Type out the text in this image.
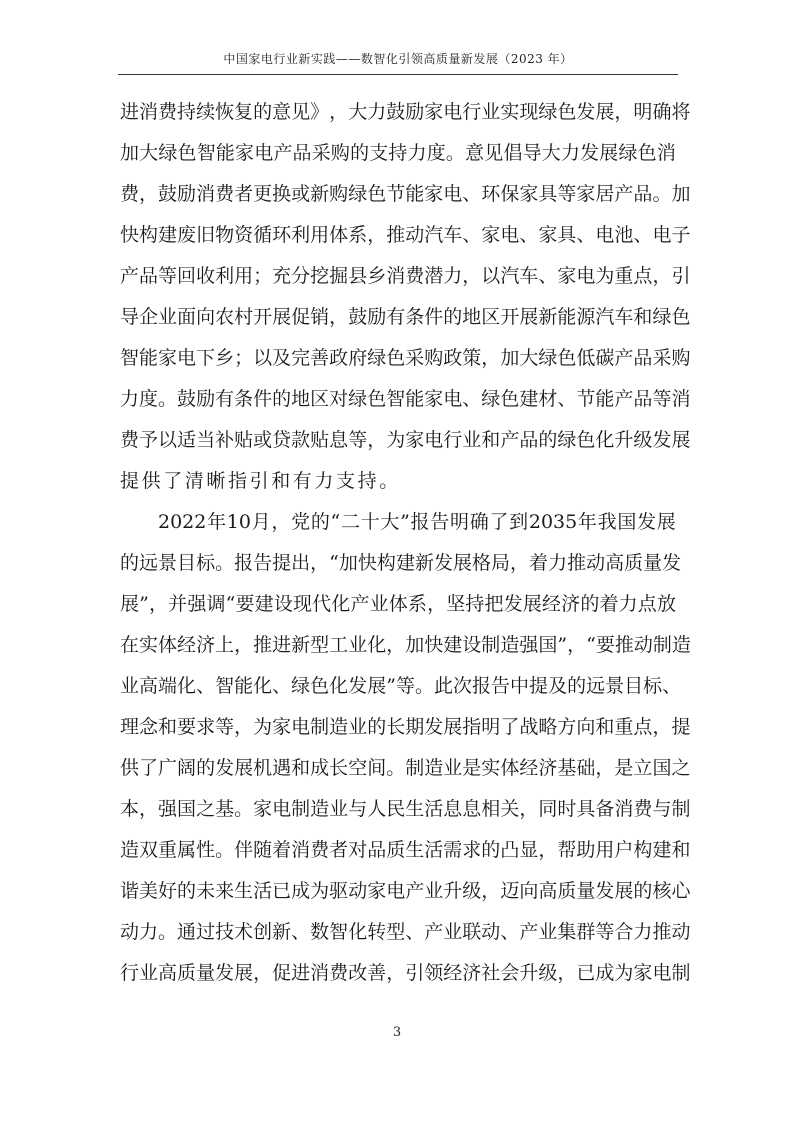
中国家电行业新实践——数智化引领高质量新发展（2023 年）
进 消 费 持 续 恢 复 的 意 见 》 ， 大 力 鼓 励 家 电 行 业 实 现 绿 色 发 展 ， 明 确 将
加 大 绿 色 智 能 家 电 产 品 采 购 的 支 持 力 度 。 意 见 倡 导 大 力 发 展 绿 色 消
费 ， 鼓 励 消 费 者 更 换 或 新 购 绿 色 节 能 家 电 、 环 保 家 具 等 家 居 产 品 。 加
快 构 建 废 旧 物 资 循 环 利 用 体 系 ， 推 动 汽 车 、 家 电 、 家 具 、 电 池 、 电 子
产 品 等 回 收 利 用 ； 充 分 挖 掘 县 乡 消 费 潜 力 ， 以 汽 车 、 家 电 为 重 点 ， 引
导 企 业 面 向 农 村 开 展 促 销 ， 鼓 励 有 条 件 的 地 区 开 展 新 能 源 汽 车 和 绿 色
智 能 家 电 下 乡 ； 以 及 完 善 政 府 绿 色 采 购 政 策 ， 加 大 绿 色 低 碳 产 品 采 购
力 度 。 鼓 励 有 条 件 的 地 区 对 绿 色 智 能 家 电 、 绿 色 建 材 、 节 能 产 品 等 消
费 予 以 适 当 补 贴 或 贷 款 贴 息 等 ， 为 家 电 行 业 和 产 品 的 绿 色 化 升 级 发 展
提供了清晰指引和有力支持。
2022 年 10 月 ， 党 的 “ 二 十 大 ” 报 告 明 确 了 到 2035 年 我 国 发 展
的 远 景 目 标 。 报 告 提 出 ， “ 加 快 构 建 新 发 展 格 局 ， 着 力 推 动 高 质 量 发
展 ” ， 并 强 调 “ 要 建 设 现 代 化 产 业 体 系 ， 坚 持 把 发 展 经 济 的 着 力 点 放
在 实 体 经 济 上 ， 推 进 新 型 工 业 化 ， 加 快 建 设 制 造 强 国 ” ， “ 要 推 动 制 造
业 高 端 化 、 智 能 化 、 绿 色 化 发 展 ” 等 。 此 次 报 告 中 提 及 的 远 景 目 标 、
理 念 和 要 求 等 ， 为 家 电 制 造 业 的 长 期 发 展 指 明 了 战 略 方 向 和 重 点 ， 提
供 了 广 阔 的 发 展 机 遇 和 成 长 空 间 。 制 造 业 是 实 体 经 济 基 础 ， 是 立 国 之
本 ， 强 国 之 基 。 家 电 制 造 业 与 人 民 生 活 息 息 相 关 ， 同 时 具 备 消 费 与 制
造 双 重 属 性 。 伴 随 着 消 费 者 对 品 质 生 活 需 求 的 凸 显 ， 帮 助 用 户 构 建 和
谐 美 好 的 未 来 生 活 已 成 为 驱 动 家 电 产 业 升 级 ， 迈 向 高 质 量 发 展 的 核 心
动 力 。 通 过 技 术 创 新 、 数 智 化 转 型 、 产 业 联 动 、 产 业 集 群 等 合 力 推 动
行 业 高 质 量 发 展 ， 促 进 消 费 改 善 ， 引 领 经 济 社 会 升 级 ， 已 成 为 家 电 制
3
